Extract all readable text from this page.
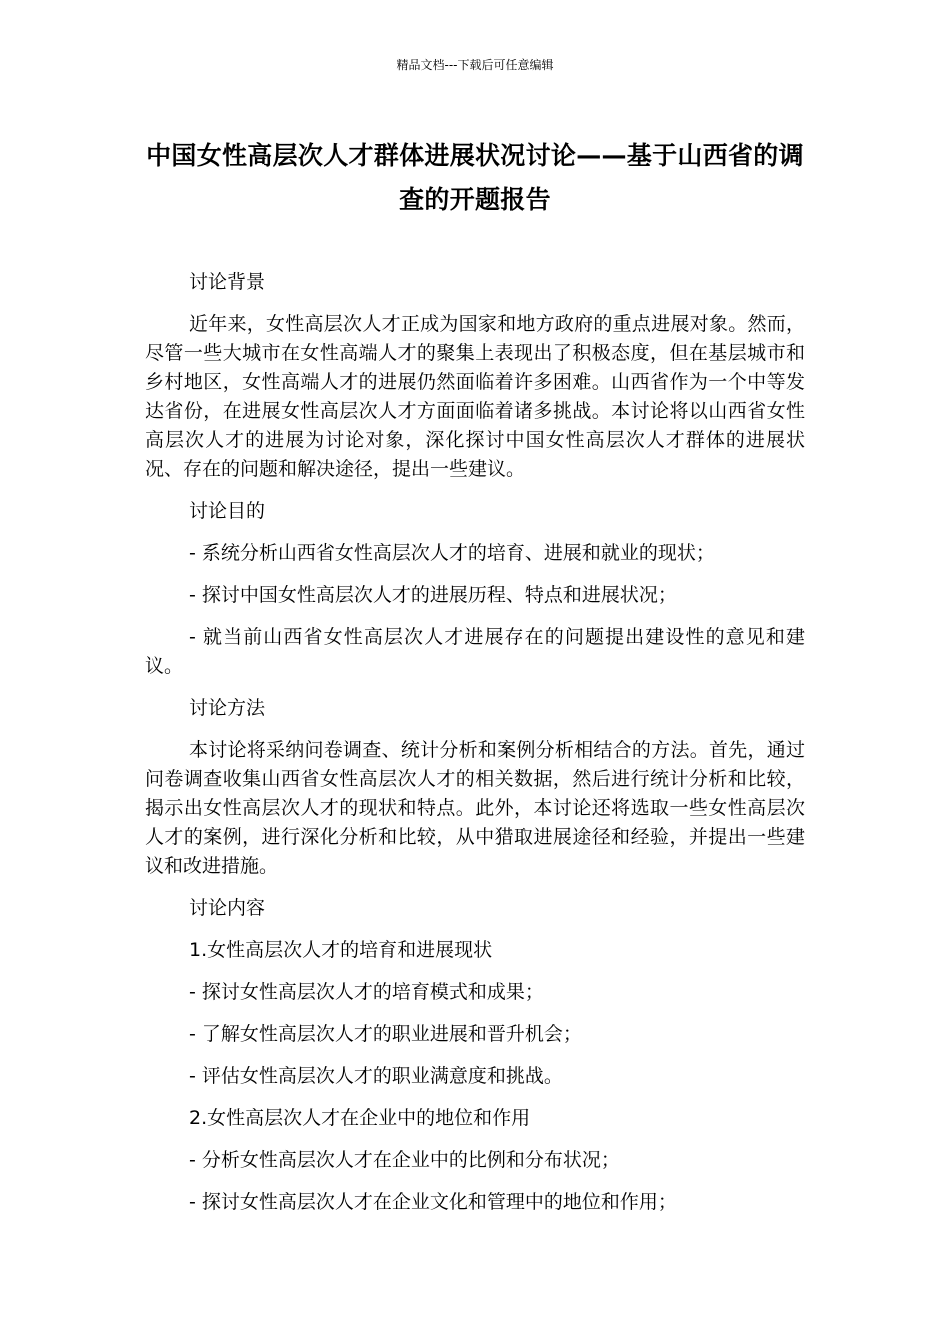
精品文档---下载后可任意编辑
中国女性高层次人才群体进展状况讨论——基于山西省的调查的开题报告

讨论背景

近年来，女性高层次人才正成为国家和地方政府的重点进展对象。然而，尽管一些大城市在女性高端人才的聚集上表现出了积极态度，但在基层城市和乡村地区，女性高端人才的进展仍然面临着许多困难。山西省作为一个中等发达省份，在进展女性高层次人才方面面临着诸多挑战。本讨论将以山西省女性高层次人才的进展为讨论对象，深化探讨中国女性高层次人才群体的进展状况、存在的问题和解决途径，提出一些建议。

讨论目的

- 系统分析山西省女性高层次人才的培育、进展和就业的现状；

- 探讨中国女性高层次人才的进展历程、特点和进展状况；

- 就当前山西省女性高层次人才进展存在的问题提出建设性的意见和建议。

讨论方法

本讨论将采纳问卷调查、统计分析和案例分析相结合的方法。首先，通过问卷调查收集山西省女性高层次人才的相关数据，然后进行统计分析和比较，揭示出女性高层次人才的现状和特点。此外，本讨论还将选取一些女性高层次人才的案例，进行深化分析和比较，从中猎取进展途径和经验，并提出一些建议和改进措施。

讨论内容

1.女性高层次人才的培育和进展现状

- 探讨女性高层次人才的培育模式和成果；

- 了解女性高层次人才的职业进展和晋升机会；

- 评估女性高层次人才的职业满意度和挑战。

2.女性高层次人才在企业中的地位和作用

- 分析女性高层次人才在企业中的比例和分布状况；

- 探讨女性高层次人才在企业文化和管理中的地位和作用；
